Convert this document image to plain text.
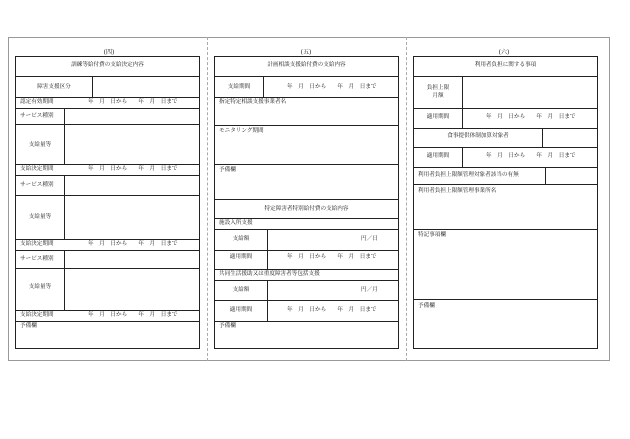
(四)	(五)	(六)
訓練等給付費の支給決定内容
障害支援区分
認定有効期間	年　月　日から　　年　月　日まで
サービス種別
支給量等
支給決定期間	年　月　日から　　年　月　日まで
サービス種別
支給量等
支給決定期間	年　月　日から　　年　月　日まで
サービス種別
支給量等
支給決定期間	年　月　日から　　年　月　日まで
予備欄
計画相談支援給付費の支給内容
支給期間	年　月　日から　　年　月　日まで
指定特定相談支援事業者名
モニタリング期間
予備欄
特定障害者特別給付費の支給内容
施設入所支援
支給額	円／日
適用期間	年　月　日から　　年　月　日まで
共同生活援助又は重度障害者等包括支援
支給額	円／月
適用期間	年　月　日から　　年　月　日まで
予備欄
利用者負担に関する事項
負担上限
月額
適用期間	年　月　日から　　年　月　日まで
食事提供体制加算対象者
適用期間	年　月　日から　　年　月　日まで
利用者負担上限額管理対象者該当の有無
利用者負担上限額管理事業所名
特記事項欄
予備欄
